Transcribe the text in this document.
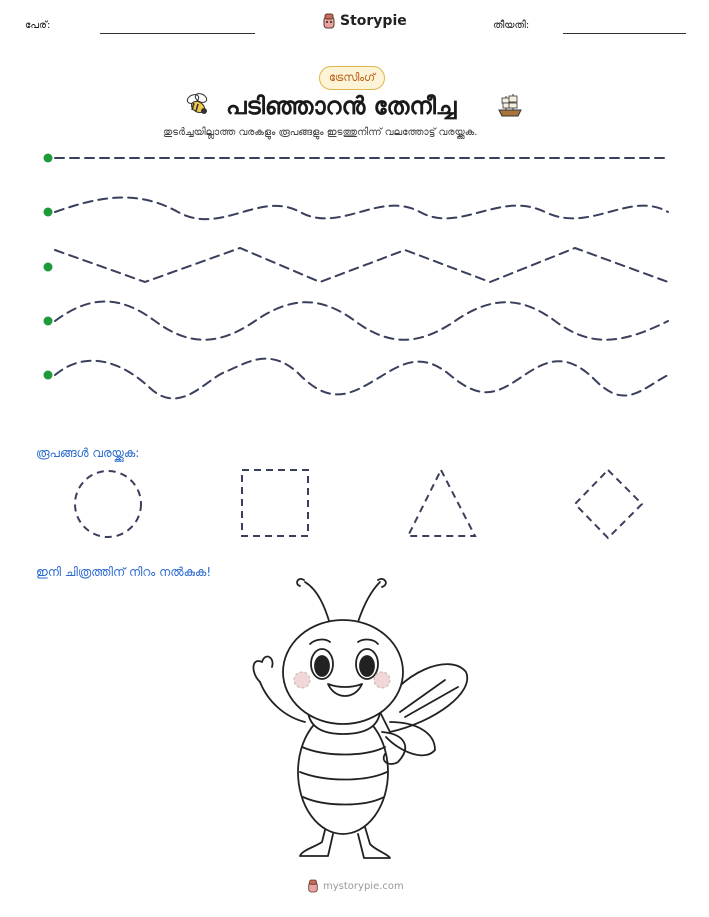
പേര്:	Storypie	തീയതി:
ട്രേസിംഗ്
പടിഞ്ഞാറൻ തേനീച്ച
തുടർച്ചയില്ലാത്ത വരകളും രൂപങ്ങളും ഇടത്തുനിന്ന് വലത്തോട്ട് വരയ്ക്കുക.
രൂപങ്ങൾ വരയ്ക്കുക:
ഇനി ചിത്രത്തിന് നിറം നൽകുക!
mystorypie.com
